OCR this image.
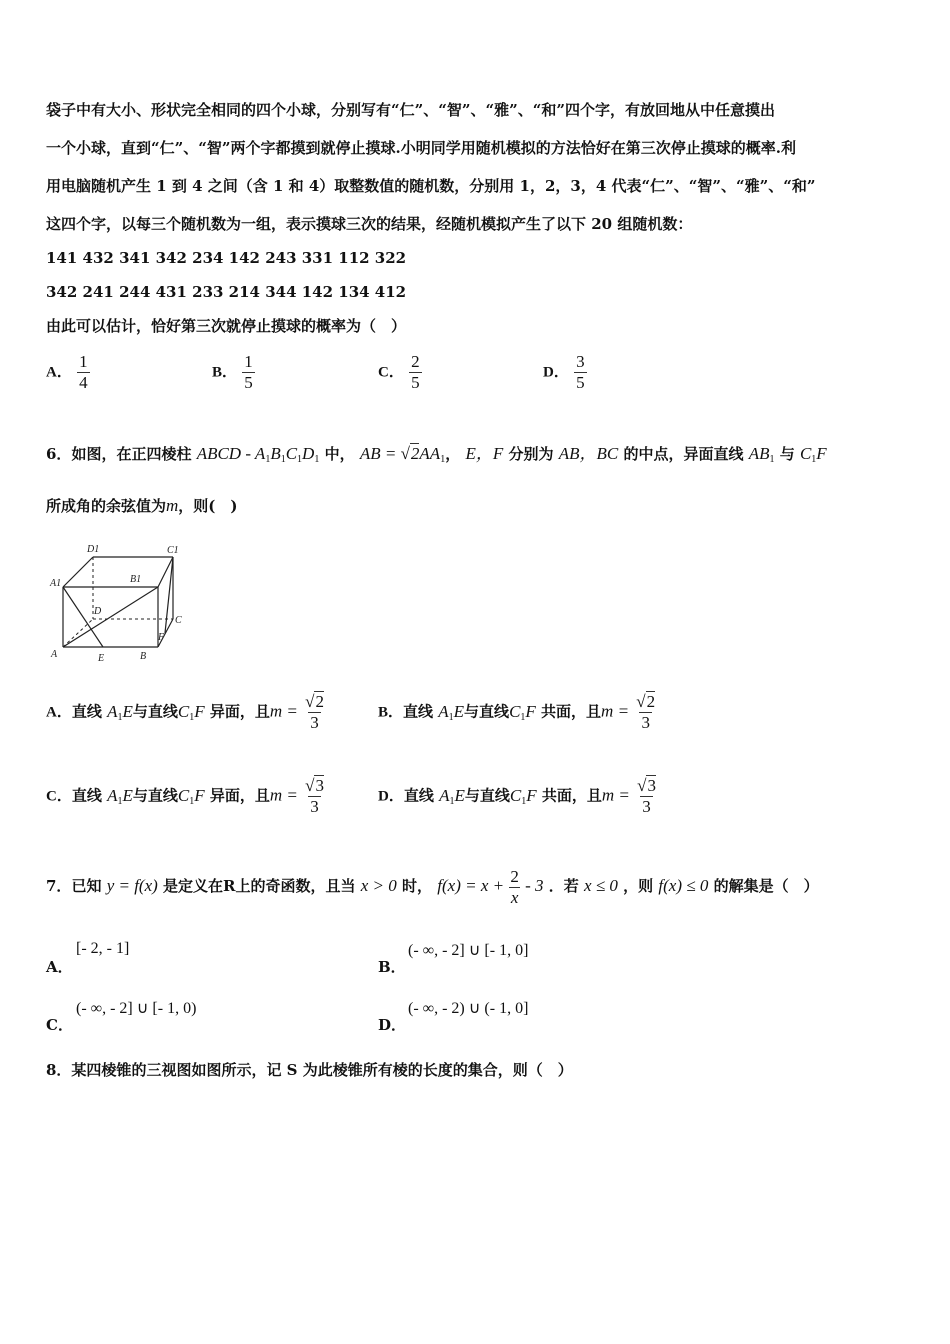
袋子中有大小、形状完全相同的四个小球，分别写有“仁”、“智”、“雅”、“和”四个字，有放回地从中任意摸出
一个小球，直到“仁”、“智”两个字都摸到就停止摸球.小明同学用随机模拟的方法恰好在第三次停止摸球的概率.利
用电脑随机产生 1 到 4 之间（含 1 和 4）取整数值的随机数，分别用 1，2，3，4 代表“仁”、“智”、“雅”、“和”
这四个字，以每三个随机数为一组，表示摸球三次的结果，经随机模拟产生了以下 20 组随机数：
141 432 341 342 234 142 243 331 112 322
342 241 244 431 233 214 344 142 134 412
由此可以估计，恰好第三次就停止摸球的概率为（　）
A． $\frac{1}{4}$	B． $\frac{1}{5}$	C． $\frac{2}{5}$	D． $\frac{3}{5}$
6．如图，在正四棱柱 ABCD - $A_1B_1C_1D_1$ 中， AB = $√2AA_1$， E，F 分别为 AB，BC 的中点，异面直线 $AB_1$ 与 $C_1F$
所成角的余弦值为m，则(　)
D1	C1
A1	B1
D
C
F
A	E	B
A．直线 $A_1E$与直线$C_1F$ 异面，且$m = \frac{√2}{3}$	B．直线 $A_1E$与直线$C_1F$ 共面，且$m = \frac{√2}{3}$
C．直线 $A_1E$与直线$C_1F$ 异面，且$m = \frac{√3}{3}$	D．直线 $A_1E$与直线$C_1F$ 共面，且$m = \frac{√3}{3}$
7．已知 y = f(x) 是定义在R上的奇函数，且当 x > 0 时， $f(x) = x + \frac{2}{x} - 3$ ．若 x ≤ 0 ，则 f(x) ≤ 0 的解集是（　）
A．
[- 2, - 1]
B．
(- ∞, - 2] ∪ [- 1, 0]
C．
(- ∞, - 2] ∪ [- 1, 0)
D．
(- ∞, - 2) ∪ (- 1, 0]
8．某四棱锥的三视图如图所示，记 S 为此棱锥所有棱的长度的集合，则（　）
